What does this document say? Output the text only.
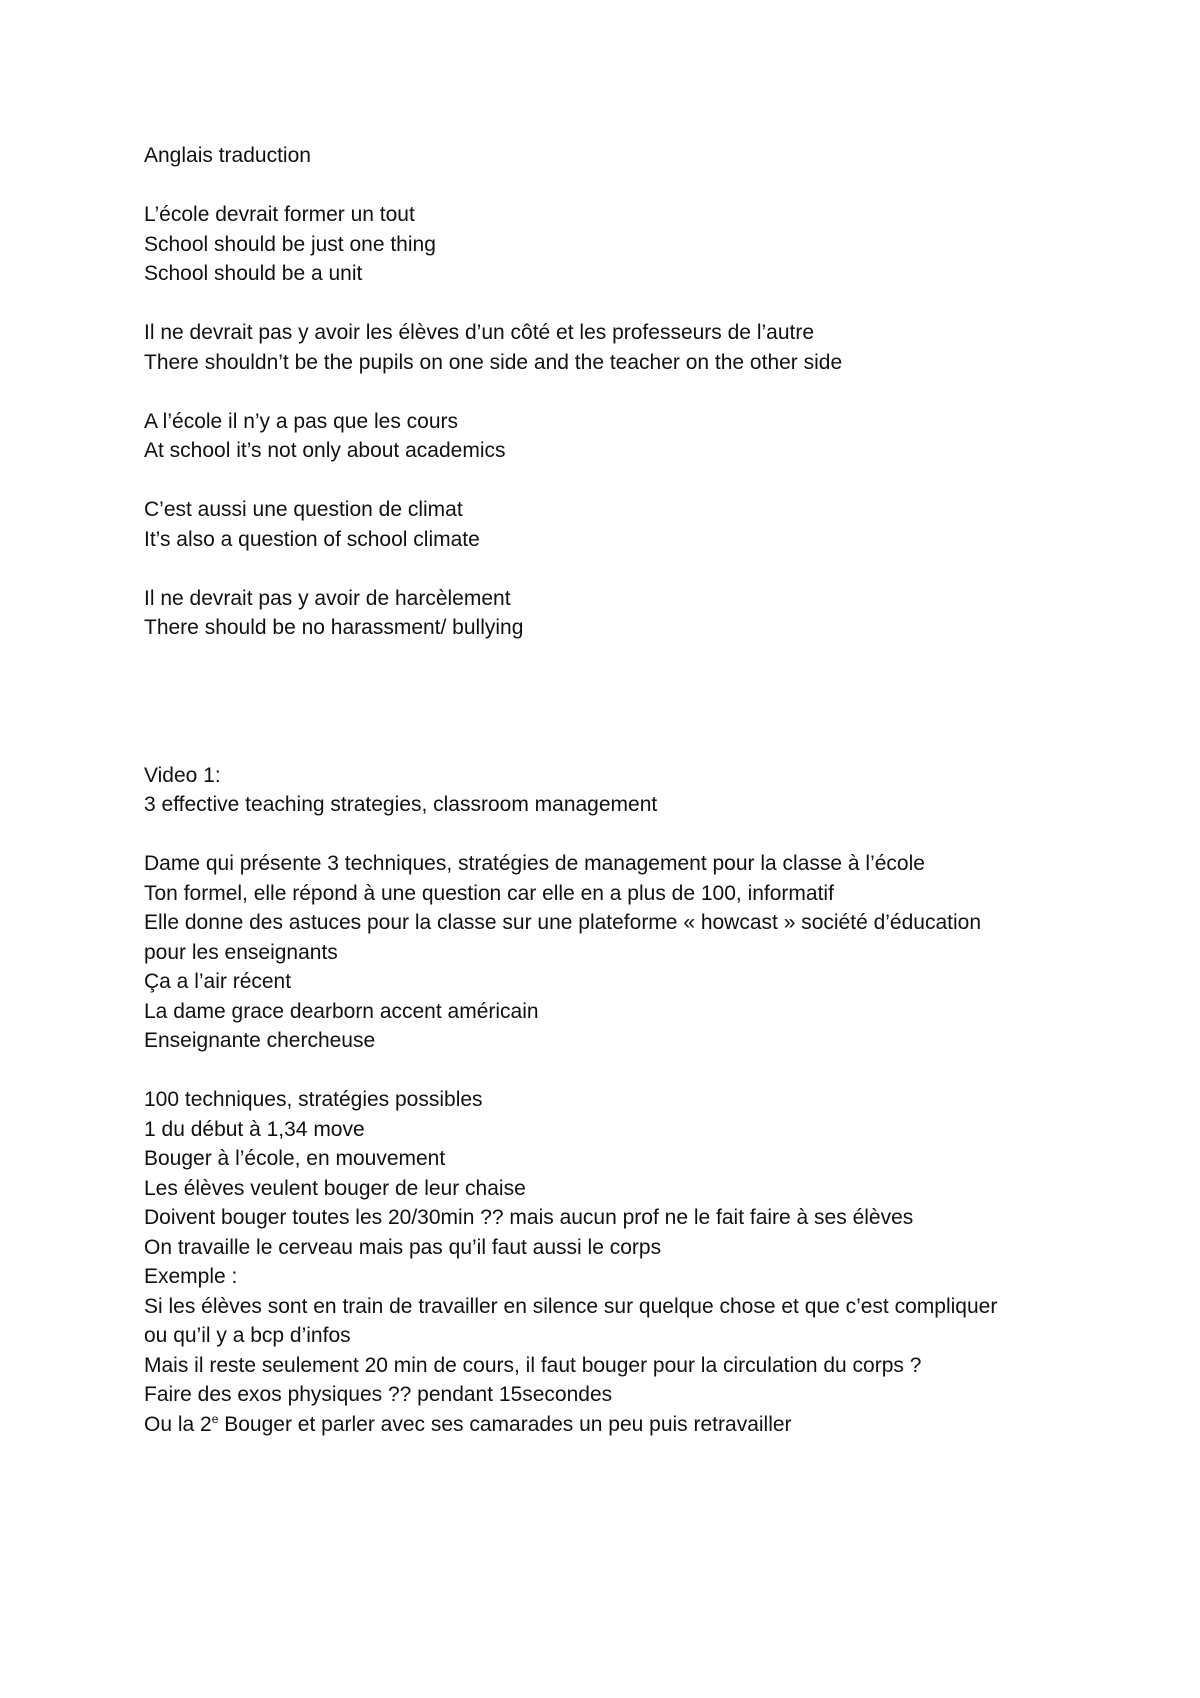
Anglais traduction
L’école devrait former un tout
School should be just one thing
School should be a unit
Il ne devrait pas y avoir les élèves d’un côté et les professeurs de l’autre
There shouldn’t be the pupils on one side and the teacher on the other side
A l’école il n’y a pas que les cours
At school it’s not only about academics
C’est aussi une question de climat
It’s also a question of school climate
Il ne devrait pas y avoir de harcèlement
There should be no harassment/ bullying
Video 1:
3 effective teaching strategies, classroom management
Dame qui présente 3 techniques, stratégies de management pour la classe à l’école
Ton formel, elle répond à une question car elle en a plus de 100, informatif
Elle donne des astuces pour la classe sur une plateforme « howcast » société d’éducation
pour les enseignants
Ça a l’air récent
La dame grace dearborn accent américain
Enseignante chercheuse
100 techniques, stratégies possibles
1 du début à 1,34 move
Bouger à l’école, en mouvement
Les élèves veulent bouger de leur chaise
Doivent bouger toutes les 20/30min ?? mais aucun prof ne le fait faire à ses élèves
On travaille le cerveau mais pas qu’il faut aussi le corps
Exemple :
Si les élèves sont en train de travailler en silence sur quelque chose et que c’est compliquer
ou qu’il y a bcp d’infos
Mais il reste seulement 20 min de cours, il faut bouger pour la circulation du corps ?
Faire des exos physiques ?? pendant 15secondes
Ou la 2e Bouger et parler avec ses camarades un peu puis retravailler
